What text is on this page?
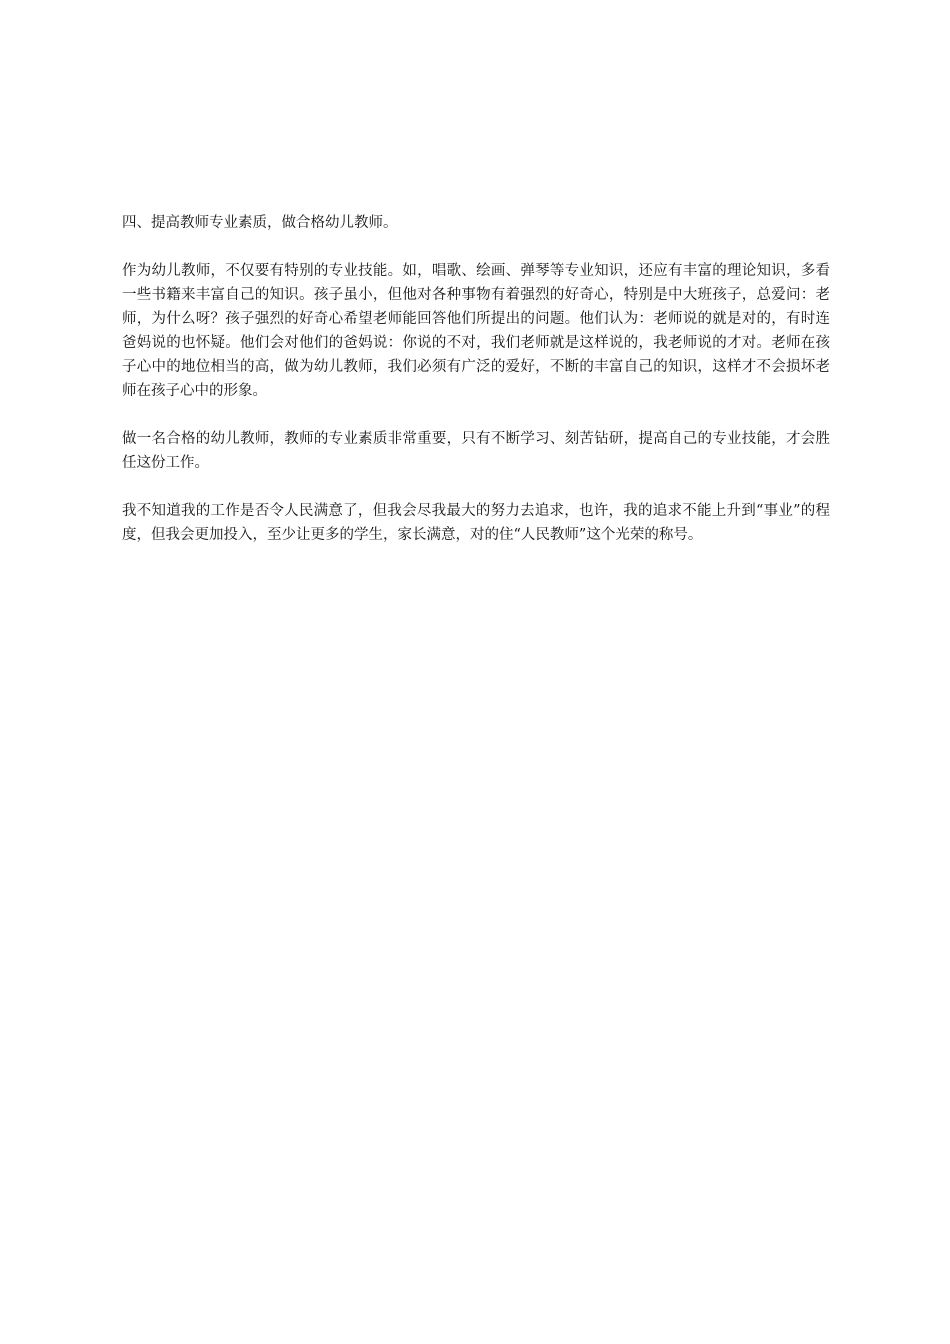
四、提高教师专业素质，做合格幼儿教师。

作为幼儿教师，不仅要有特别的专业技能。如，唱歌、绘画、弹琴等专业知识，还应有丰富的理论知识，多看一些书籍来丰富自己的知识。孩子虽小，但他对各种事物有着强烈的好奇心，特别是中大班孩子，总爱问：老师，为什么呀？孩子强烈的好奇心希望老师能回答他们所提出的问题。他们认为：老师说的就是对的，有时连爸妈说的也怀疑。他们会对他们的爸妈说：你说的不对，我们老师就是这样说的，我老师说的才对。老师在孩子心中的地位相当的高，做为幼儿教师，我们必须有广泛的爱好，不断的丰富自己的知识，这样才不会损坏老师在孩子心中的形象。

做一名合格的幼儿教师，教师的专业素质非常重要，只有不断学习、刻苦钻研，提高自己的专业技能，才会胜任这份工作。

我不知道我的工作是否令人民满意了，但我会尽我最大的努力去追求，也许，我的追求不能上升到“事业”的程度，但我会更加投入，至少让更多的学生，家长满意，对的住“人民教师”这个光荣的称号。
